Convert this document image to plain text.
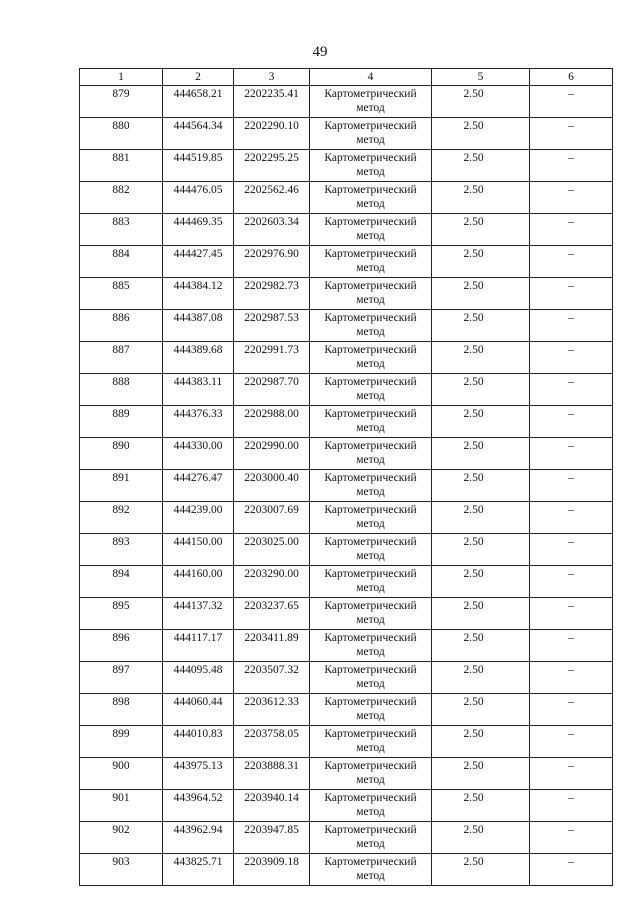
49
1	2	3	4	5	6
879	444658.21	2202235.41	Картометрический метод	2.50	–
880	444564.34	2202290.10	Картометрический метод	2.50	–
881	444519.85	2202295.25	Картометрический метод	2.50	–
882	444476.05	2202562.46	Картометрический метод	2.50	–
883	444469.35	2202603.34	Картометрический метод	2.50	–
884	444427.45	2202976.90	Картометрический метод	2.50	–
885	444384.12	2202982.73	Картометрический метод	2.50	–
886	444387.08	2202987.53	Картометрический метод	2.50	–
887	444389.68	2202991.73	Картометрический метод	2.50	–
888	444383.11	2202987.70	Картометрический метод	2.50	–
889	444376.33	2202988.00	Картометрический метод	2.50	–
890	444330.00	2202990.00	Картометрический метод	2.50	–
891	444276.47	2203000.40	Картометрический метод	2.50	–
892	444239.00	2203007.69	Картометрический метод	2.50	–
893	444150.00	2203025.00	Картометрический метод	2.50	–
894	444160.00	2203290.00	Картометрический метод	2.50	–
895	444137.32	2203237.65	Картометрический метод	2.50	–
896	444117.17	2203411.89	Картометрический метод	2.50	–
897	444095.48	2203507.32	Картометрический метод	2.50	–
898	444060.44	2203612.33	Картометрический метод	2.50	–
899	444010.83	2203758.05	Картометрический метод	2.50	–
900	443975.13	2203888.31	Картометрический метод	2.50	–
901	443964.52	2203940.14	Картометрический метод	2.50	–
902	443962.94	2203947.85	Картометрический метод	2.50	–
903	443825.71	2203909.18	Картометрический метод	2.50	–
